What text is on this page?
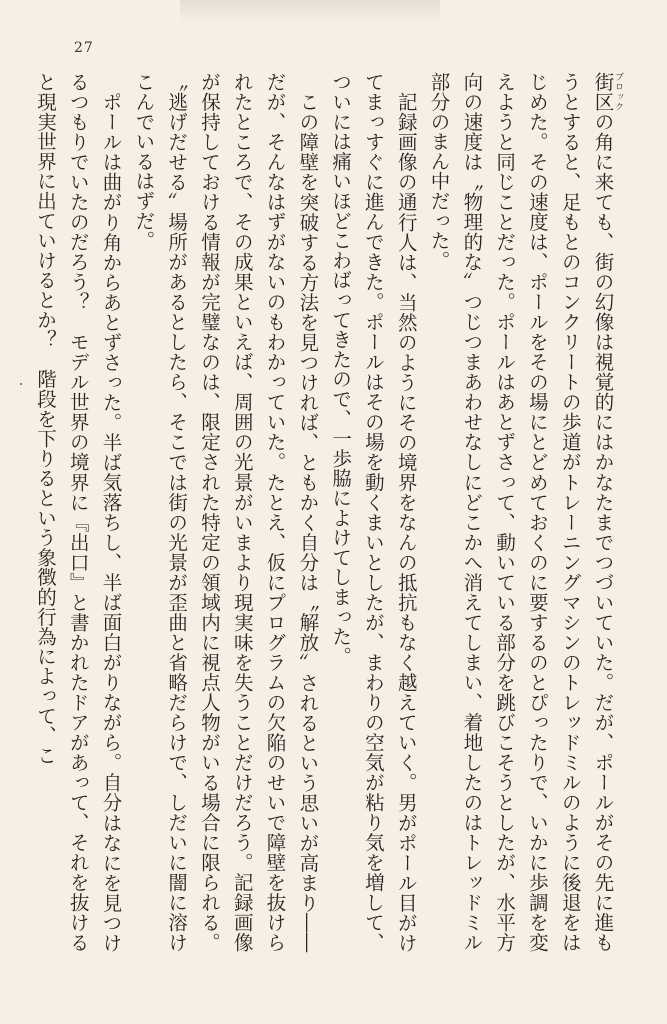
27

街区ブロックの角に来ても、街の幻像は視覚的にはかなたまでつづいていた。だが、ポールがその先に進もうとすると、足もとのコンクリートの歩道がトレーニングマシンのトレッドミルのように後退をはじめた。その速度は、ポールをその場にとどめておくのに要するのとぴったりで、いかに歩調を変えようと同じことだった。ポールはあとずさって、動いている部分を跳びこそうとしたが、水平方向の速度は〝物理的な〟つじつまあわせなしにどこかへ消えてしまい、着地したのはトレッドミル部分のまん中だった。

記録画像の通行人は、当然のようにその境界をなんの抵抗もなく越えていく。男がポール目がけてまっすぐに進んできた。ポールはその場を動くまいとしたが、まわりの空気が粘り気を増して、ついには痛いほどこわばってきたので、一歩脇によけてしまった。

この障壁を突破する方法を見つければ、ともかく自分は〝解放〟されるという思いが高まり――だが、そんなはずがないのもわかっていた。たとえ、仮にプログラムの欠陥のせいで障壁を抜けられたところで、その成果といえば、周囲の光景がいまより現実味を失うことだけだろう。記録画像が保持しておける情報が完璧なのは、限定された特定の領域内に視点人物がいる場合に限られる。〝逃げだせる〟場所があるとしたら、そこでは街の光景が歪曲と省略だらけで、しだいに闇に溶けこんでいるはずだ。

ポールは曲がり角からあとずさった。半ば気落ちし、半ば面白がりながら。自分はなにを見つけるつもりでいたのだろう？　モデル世界の境界に『出口』と書かれたドアがあって、それを抜けると現実世界に出ていけるとか？　階段を下りるという象徴的行為によって、こ
